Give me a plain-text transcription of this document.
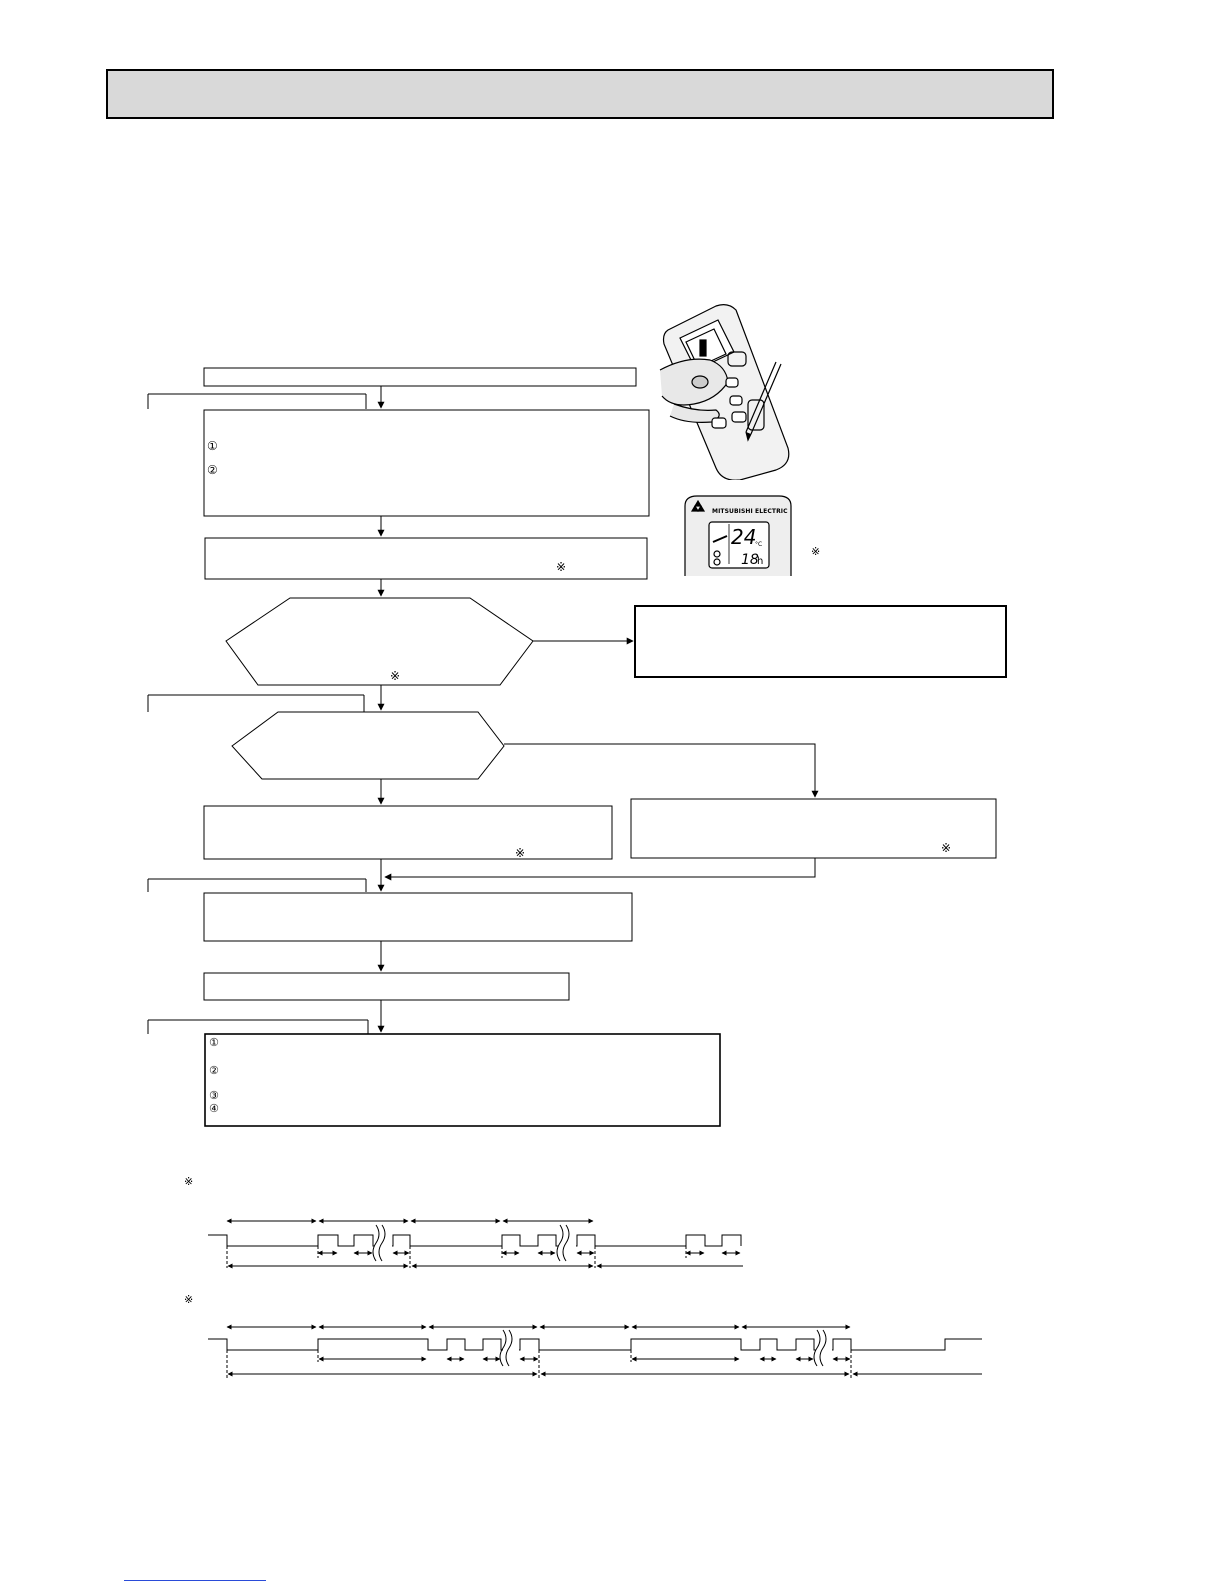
①
②
※
※
※	※
①
②
③
④
※
※
※
24
°C
18
h
MITSUBISHI ELECTRIC
